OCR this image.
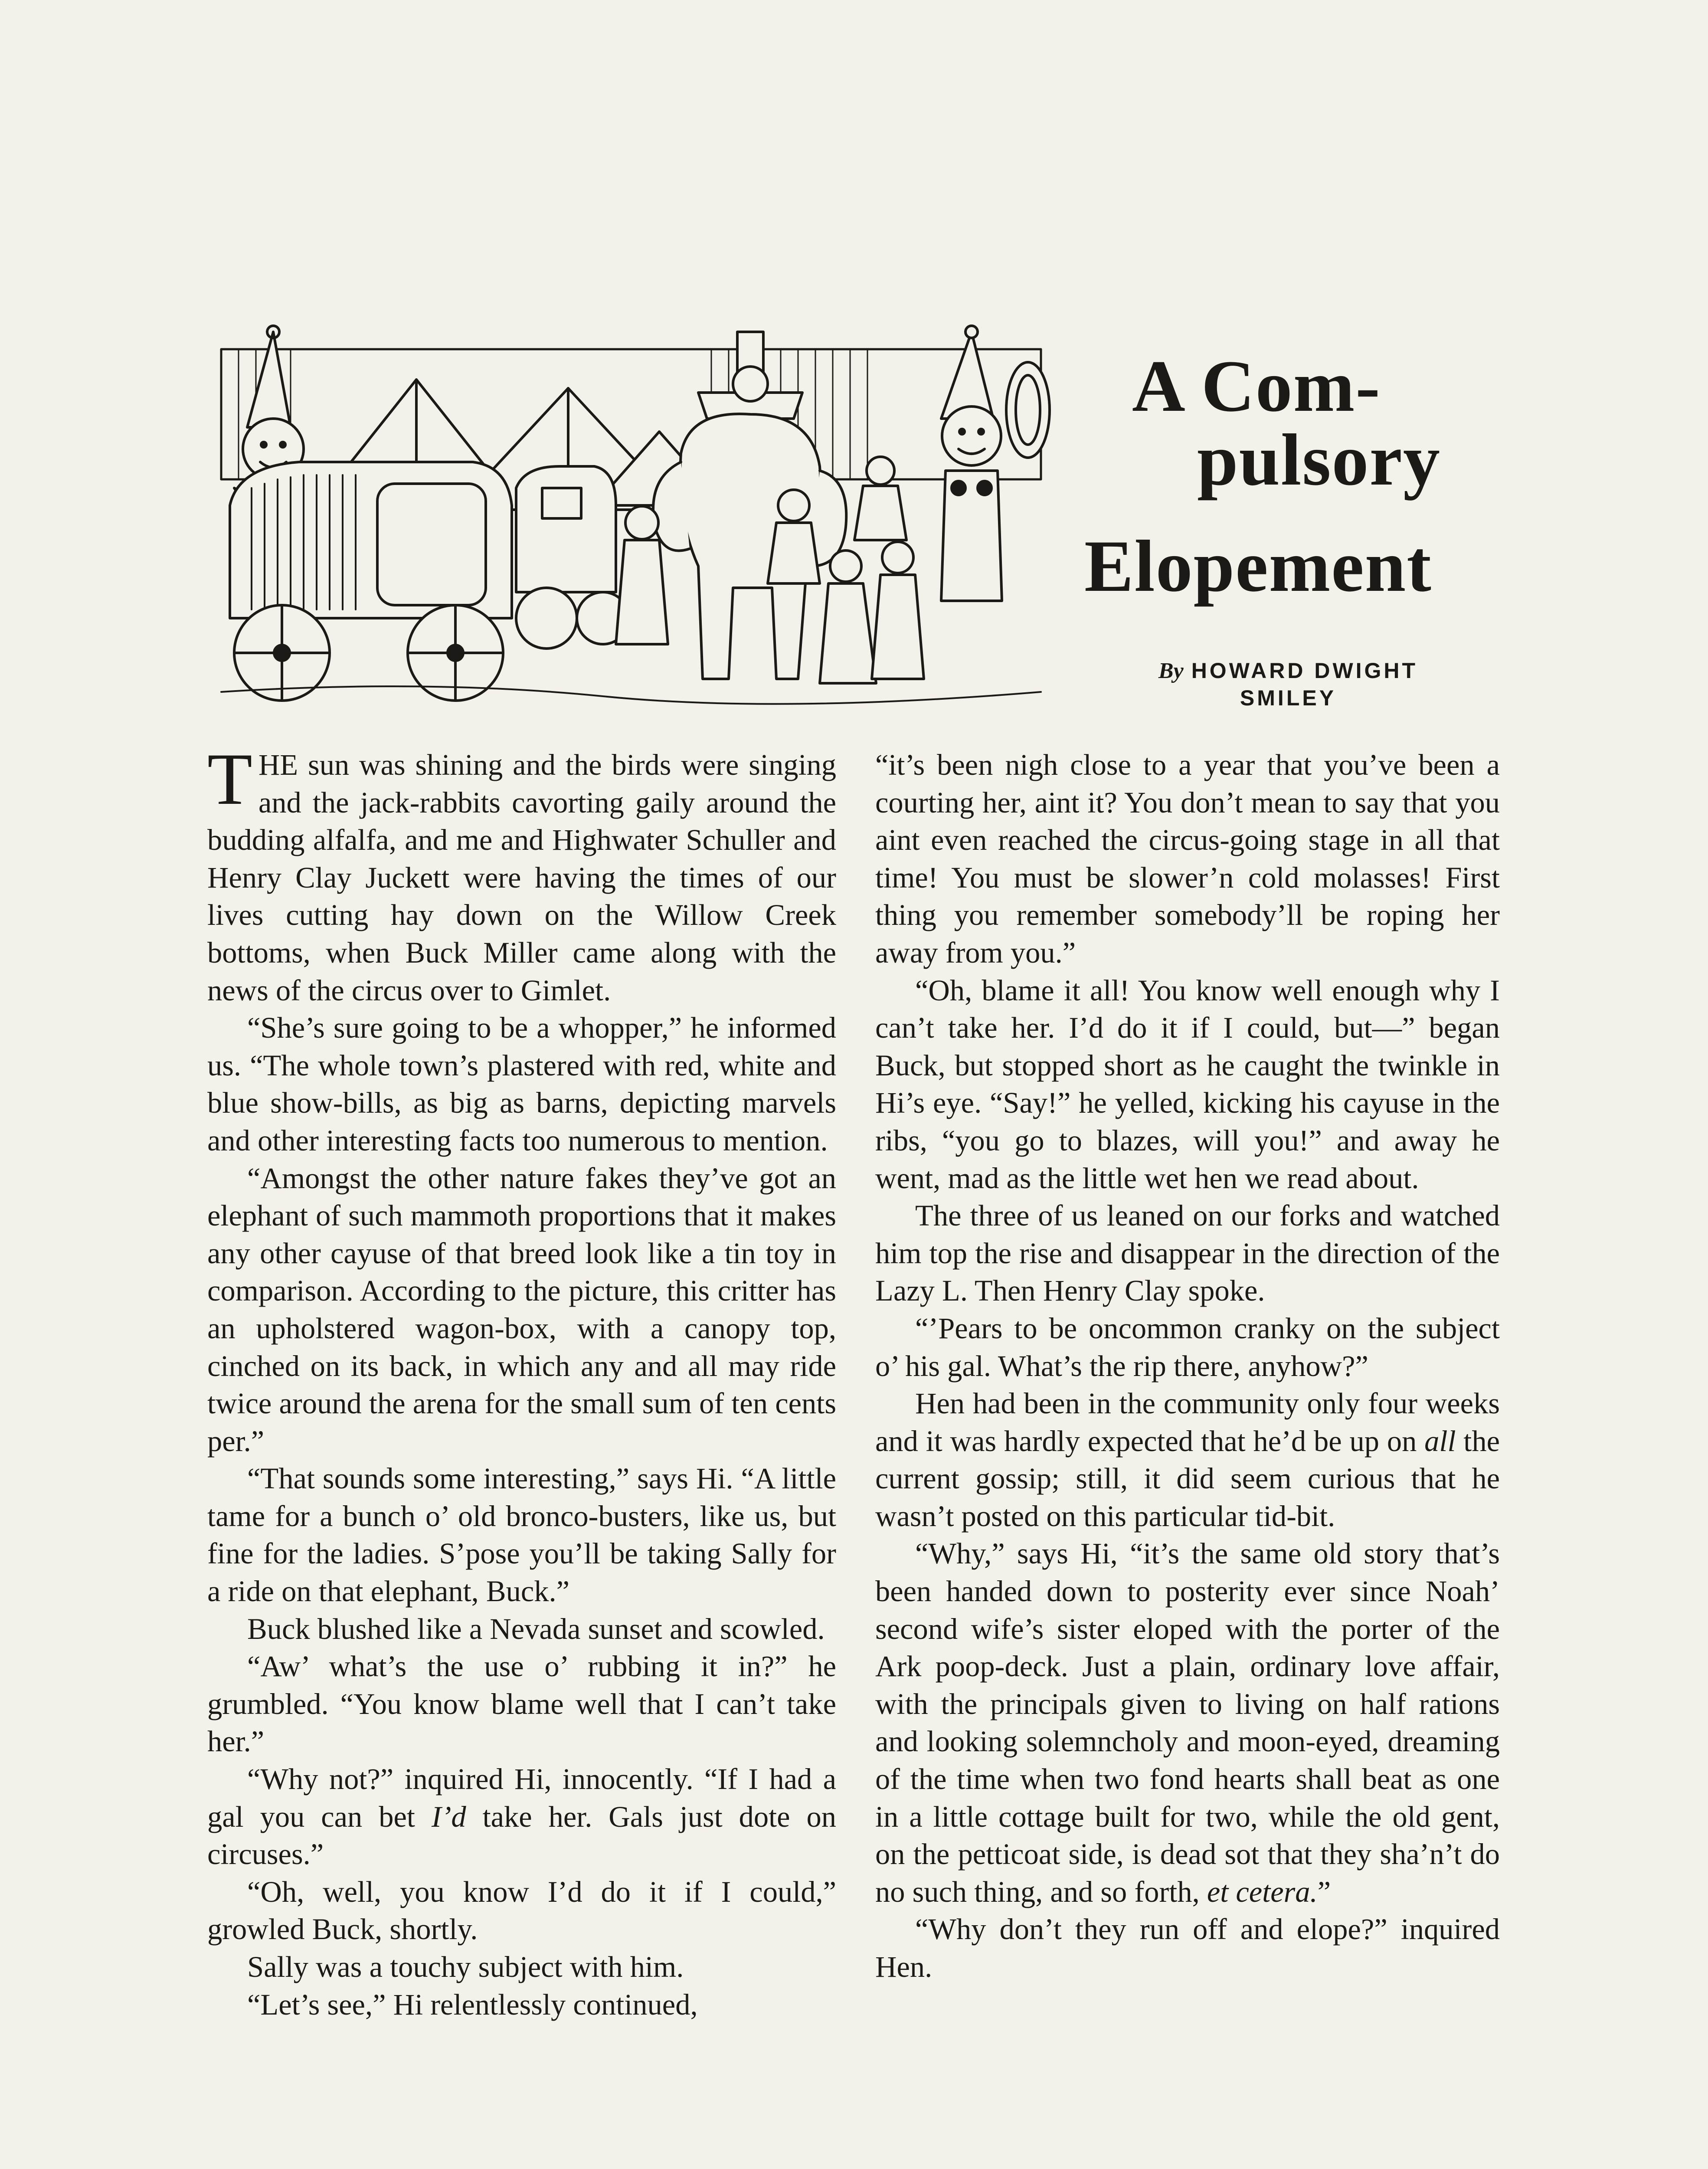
A Com-
pulsory
Elopement
By HOWARD DWIGHT
SMILEY

THE sun was shining and the birds were singing and the jack-rabbits cavorting gaily around the budding alfalfa, and me and Highwater Schuller and Henry Clay Juckett were having the times of our lives cutting hay down on the Willow Creek bottoms, when Buck Miller came along with the news of the circus over to Gimlet.

“She’s sure going to be a whopper,” he informed us. “The whole town’s plastered with red, white and blue show-bills, as big as barns, depicting marvels and other interesting facts too numerous to mention.

“Amongst the other nature fakes they’ve got an elephant of such mammoth proportions that it makes any other cayuse of that breed look like a tin toy in comparison. According to the picture, this critter has an upholstered wagon-box, with a canopy top, cinched on its back, in which any and all may ride twice around the arena for the small sum of ten cents per.”

“That sounds some interesting,” says Hi. “A little tame for a bunch o’ old bronco-busters, like us, but fine for the ladies. S’pose you’ll be taking Sally for a ride on that elephant, Buck.”

Buck blushed like a Nevada sunset and scowled.

“Aw’ what’s the use o’ rubbing it in?” he grumbled. “You know blame well that I can’t take her.”

“Why not?” inquired Hi, innocently. “If I had a gal you can bet I’d take her. Gals just dote on circuses.”

“Oh, well, you know I’d do it if I could,” growled Buck, shortly.

Sally was a touchy subject with him.

“Let’s see,” Hi relentlessly continued,

“it’s been nigh close to a year that you’ve been a courting her, aint it? You don’t mean to say that you aint even reached the circus-going stage in all that time! You must be slower’n cold molasses! First thing you remember somebody’ll be roping her away from you.”

“Oh, blame it all! You know well enough why I can’t take her. I’d do it if I could, but—” began Buck, but stopped short as he caught the twinkle in Hi’s eye. “Say!” he yelled, kicking his cayuse in the ribs, “you go to blazes, will you!” and away he went, mad as the little wet hen we read about.

The three of us leaned on our forks and watched him top the rise and disappear in the direction of the Lazy L. Then Henry Clay spoke.

“’Pears to be oncommon cranky on the subject o’ his gal. What’s the rip there, anyhow?”

Hen had been in the community only four weeks and it was hardly expected that he’d be up on all the current gossip; still, it did seem curious that he wasn’t posted on this particular tid-bit.

“Why,” says Hi, “it’s the same old story that’s been handed down to posterity ever since Noah’ second wife’s sister eloped with the porter of the Ark poop-deck. Just a plain, ordinary love affair, with the principals given to living on half rations and looking solemncholy and moon-eyed, dreaming of the time when two fond hearts shall beat as one in a little cottage built for two, while the old gent, on the petticoat side, is dead sot that they sha’n’t do no such thing, and so forth, et cetera.”

“Why don’t they run off and elope?” inquired Hen.
